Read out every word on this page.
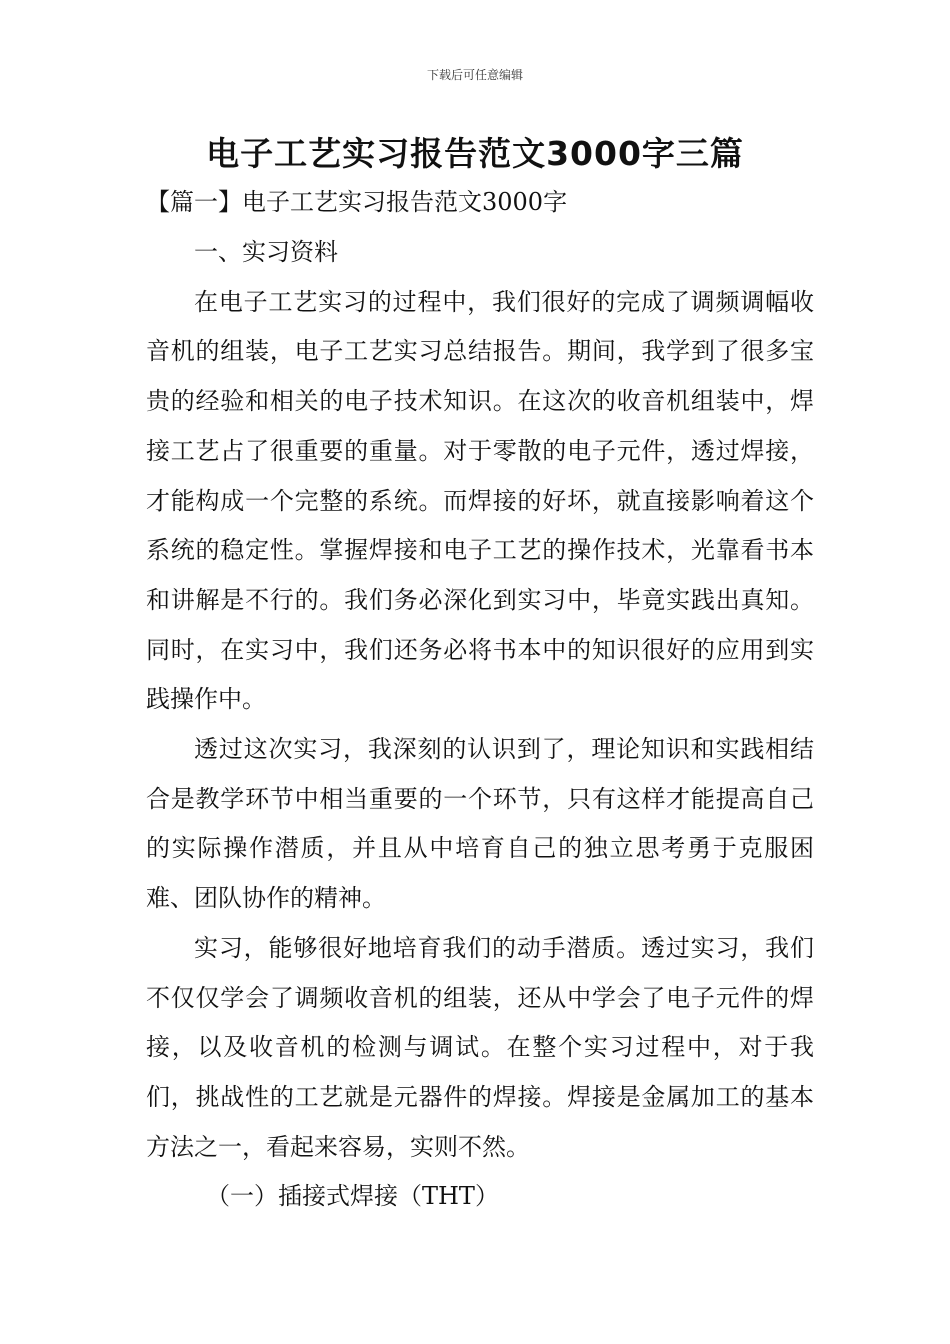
下载后可任意编辑
电子工艺实习报告范文3000字三篇
【篇一】电子工艺实习报告范文3000字

一、实习资料

在电子工艺实习的过程中，我们很好的完成了调频调幅收音机的组装，电子工艺实习总结报告。期间，我学到了很多宝贵的经验和相关的电子技术知识。在这次的收音机组装中，焊接工艺占了很重要的重量。对于零散的电子元件，透过焊接，才能构成一个完整的系统。而焊接的好坏，就直接影响着这个系统的稳定性。掌握焊接和电子工艺的操作技术，光靠看书本和讲解是不行的。我们务必深化到实习中，毕竟实践出真知。同时，在实习中，我们还务必将书本中的知识很好的应用到实践操作中。

透过这次实习，我深刻的认识到了，理论知识和实践相结合是教学环节中相当重要的一个环节，只有这样才能提高自己的实际操作潜质，并且从中培育自己的独立思考勇于克服困难、团队协作的精神。

实习，能够很好地培育我们的动手潜质。透过实习，我们不仅仅学会了调频收音机的组装，还从中学会了电子元件的焊接，以及收音机的检测与调试。在整个实习过程中，对于我们，挑战性的工艺就是元器件的焊接。焊接是金属加工的基本方法之一，看起来容易，实则不然。

（一）插接式焊接（THT）
